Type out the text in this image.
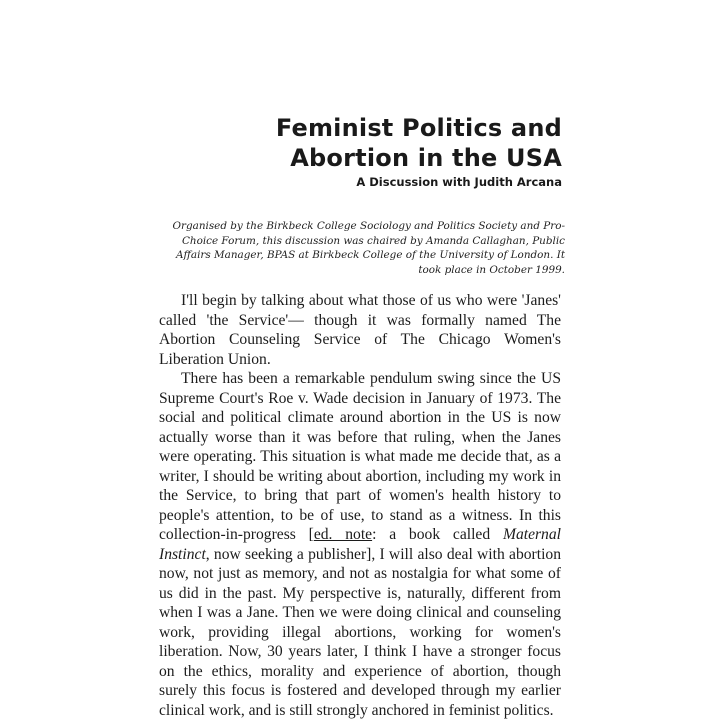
Feminist Politics and Abortion in the USA
A Discussion with Judith Arcana

Organised by the Birkbeck College Sociology and Politics Society and Pro-Choice Forum, this discussion was chaired by Amanda Callaghan, Public Affairs Manager, BPAS at Birkbeck College of the University of London. It took place in October 1999.

I'll begin by talking about what those of us who were 'Janes' called 'the Service'— though it was formally named The Abortion Counseling Service of The Chicago Women's Liberation Union.

There has been a remarkable pendulum swing since the US Supreme Court's Roe v. Wade decision in January of 1973. The social and political climate around abortion in the US is now actually worse than it was before that ruling, when the Janes were operating. This situation is what made me decide that, as a writer, I should be writing about abortion, including my work in the Service, to bring that part of women's health history to people's attention, to be of use, to stand as a witness. In this collection-in-progress [ed. note: a book called Maternal Instinct, now seeking a publisher], I will also deal with abortion now, not just as memory, and not as nostalgia for what some of us did in the past. My perspective is, naturally, different from when I was a Jane. Then we were doing clinical and counseling work, providing illegal abortions, working for women's liberation. Now, 30 years later, I think I have a stronger focus on the ethics, morality and experience of abortion, though surely this focus is fostered and developed through my earlier clinical work, and is still strongly anchored in feminist politics.
